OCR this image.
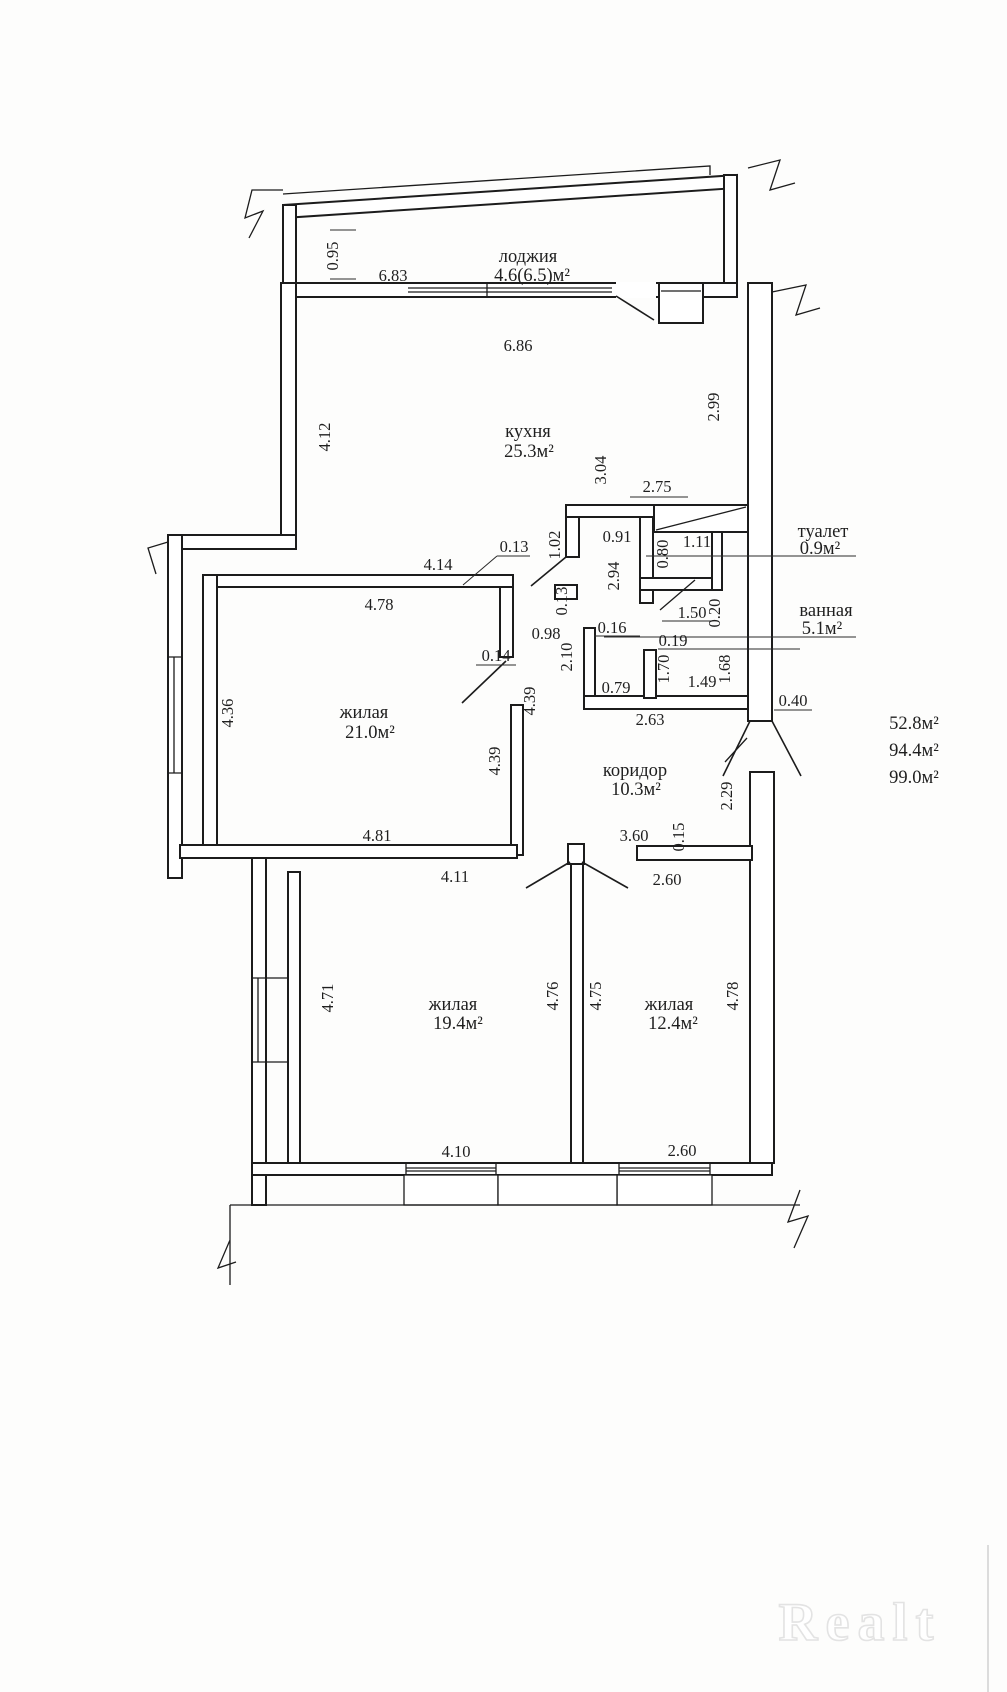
0.95
6.83
лоджия
4.6(6.5)м²
6.86
4.12	кухня
25.3м²
2.99
3.04
2.75
0.91
1.02
0.13
2.94
0.13
0.80 1.11	туалет
0.9м²
1.50
0.20	ванная
5.1м²
0.98 0.16
2.10
0.19
1.70 1.49
1.68
0.79
2.63
0.40
4.14
4.78
0.14
4.36	жилая
21.0м²
4.39
4.39
4.81
4.11
52.8м²
94.4м²
99.0м²
коридор
10.3м²	2.29
3.60 0.15
2.60
4.71	жилая
19.4м²
4.76 4.75 жилая
12.4м²
4.78
4.10	2.60
Realt
